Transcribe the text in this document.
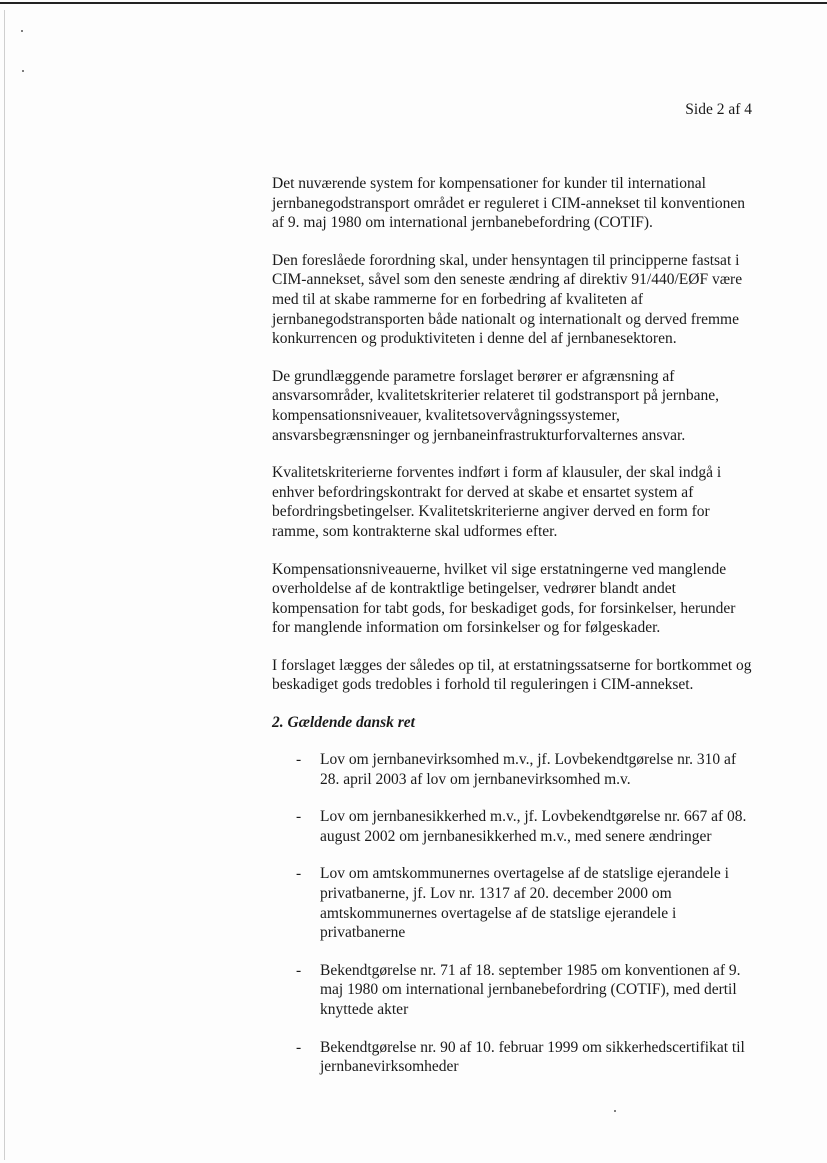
Side 2 af 4

Det nuværende system for kompensationer for kunder til international jernbanegodstransport området er reguleret i CIM-annekset til konventionen af 9. maj 1980 om international jernbanebefordring (COTIF).

Den foreslåede forordning skal, under hensyntagen til principperne fastsat i CIM-annekset, såvel som den seneste ændring af direktiv 91/440/EØF være med til at skabe rammerne for en forbedring af kvaliteten af jernbanegodstransporten både nationalt og internationalt og derved fremme konkurrencen og produktiviteten i denne del af jernbanesektoren.

De grundlæggende parametre forslaget berører er afgrænsning af ansvarsområder, kvalitetskriterier relateret til godstransport på jernbane, kompensationsniveauer, kvalitetsovervågningssystemer, ansvarsbegrænsninger og jernbaneinfrastrukturforvalternes ansvar.

Kvalitetskriterierne forventes indført i form af klausuler, der skal indgå i enhver befordringskontrakt for derved at skabe et ensartet system af befordringsbetingelser. Kvalitetskriterierne angiver derved en form for ramme, som kontrakterne skal udformes efter.

Kompensationsniveauerne, hvilket vil sige erstatningerne ved manglende overholdelse af de kontraktlige betingelser, vedrører blandt andet kompensation for tabt gods, for beskadiget gods, for forsinkelser, herunder for manglende information om forsinkelser og for følgeskader.

I forslaget lægges der således op til, at erstatningssatserne for bortkommet og beskadiget gods tredobles i forhold til reguleringen i CIM-annekset.

2. Gældende dansk ret
- Lov om jernbanevirksomhed m.v., jf. Lovbekendtgørelse nr. 310 af 28. april 2003 af lov om jernbanevirksomhed m.v.
- Lov om jernbanesikkerhed m.v., jf. Lovbekendtgørelse nr. 667 af 08. august 2002 om jernbanesikkerhed m.v., med senere ændringer
- Lov om amtskommunernes overtagelse af de statslige ejerandele i privatbanerne, jf. Lov nr. 1317 af 20. december 2000 om amtskommunernes overtagelse af de statslige ejerandele i privatbanerne
- Bekendtgørelse nr. 71 af 18. september 1985 om konventionen af 9. maj 1980 om international jernbanebefordring (COTIF), med dertil knyttede akter
- Bekendtgørelse nr. 90 af 10. februar 1999 om sikkerhedscertifikat til jernbanevirksomheder
